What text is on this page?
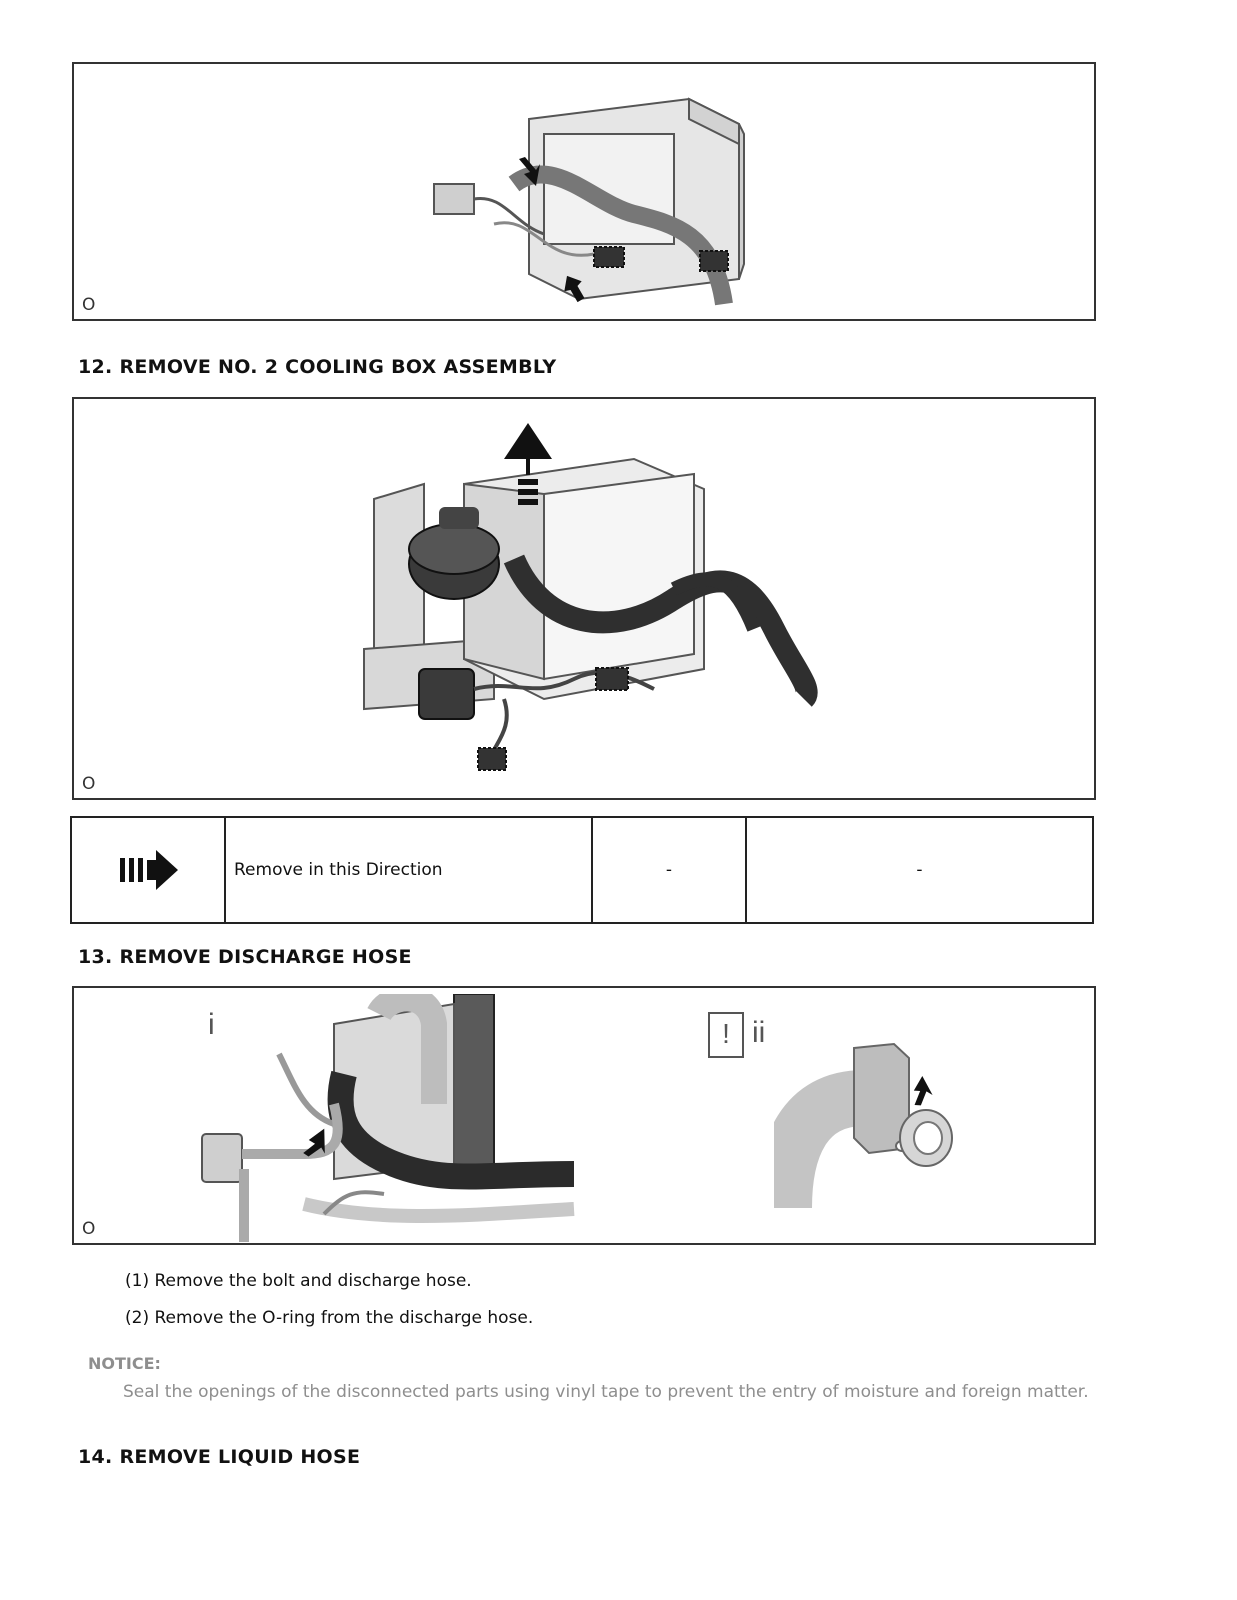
O
12. REMOVE NO. 2 COOLING BOX ASSEMBLY
O
	Remove in this Direction	-	-
13. REMOVE DISCHARGE HOSE
i	! ii
O
(1) Remove the bolt and discharge hose.
(2) Remove the O-ring from the discharge hose.
NOTICE:
Seal the openings of the disconnected parts using vinyl tape to prevent the entry of moisture and foreign matter.
14. REMOVE LIQUID HOSE
